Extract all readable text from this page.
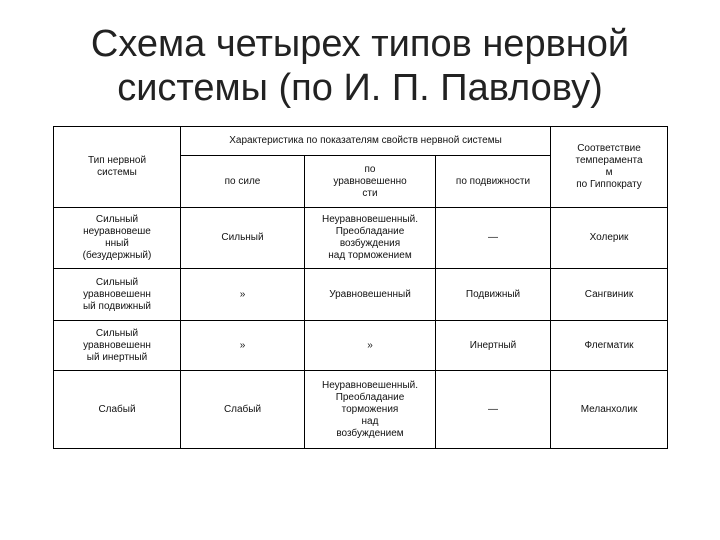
Схема четырех типов нервной
системы (по И. П. Павлову)
Тип нервной
системы	Характеристика по показателям свойств нервной системы			Соответствие
темперамента
м
по Гиппократу
	по силе	по
уравновешенно
сти	по подвижности	
Сильный
неуравновеше
нный
(безудержный)	Сильный	Неуравновешенный.
Преобладание
возбуждения
над торможением	—	Холерик
Сильный
уравновешенн
ый подвижный	»	Уравновешенный	Подвижный	Сангвиник
Сильный
уравновешенн
ый инертный	»	»	Инертный	Флегматик
Слабый	Слабый	Неуравновешенный.
Преобладание
торможения
над
возбуждением	—	Меланхолик
